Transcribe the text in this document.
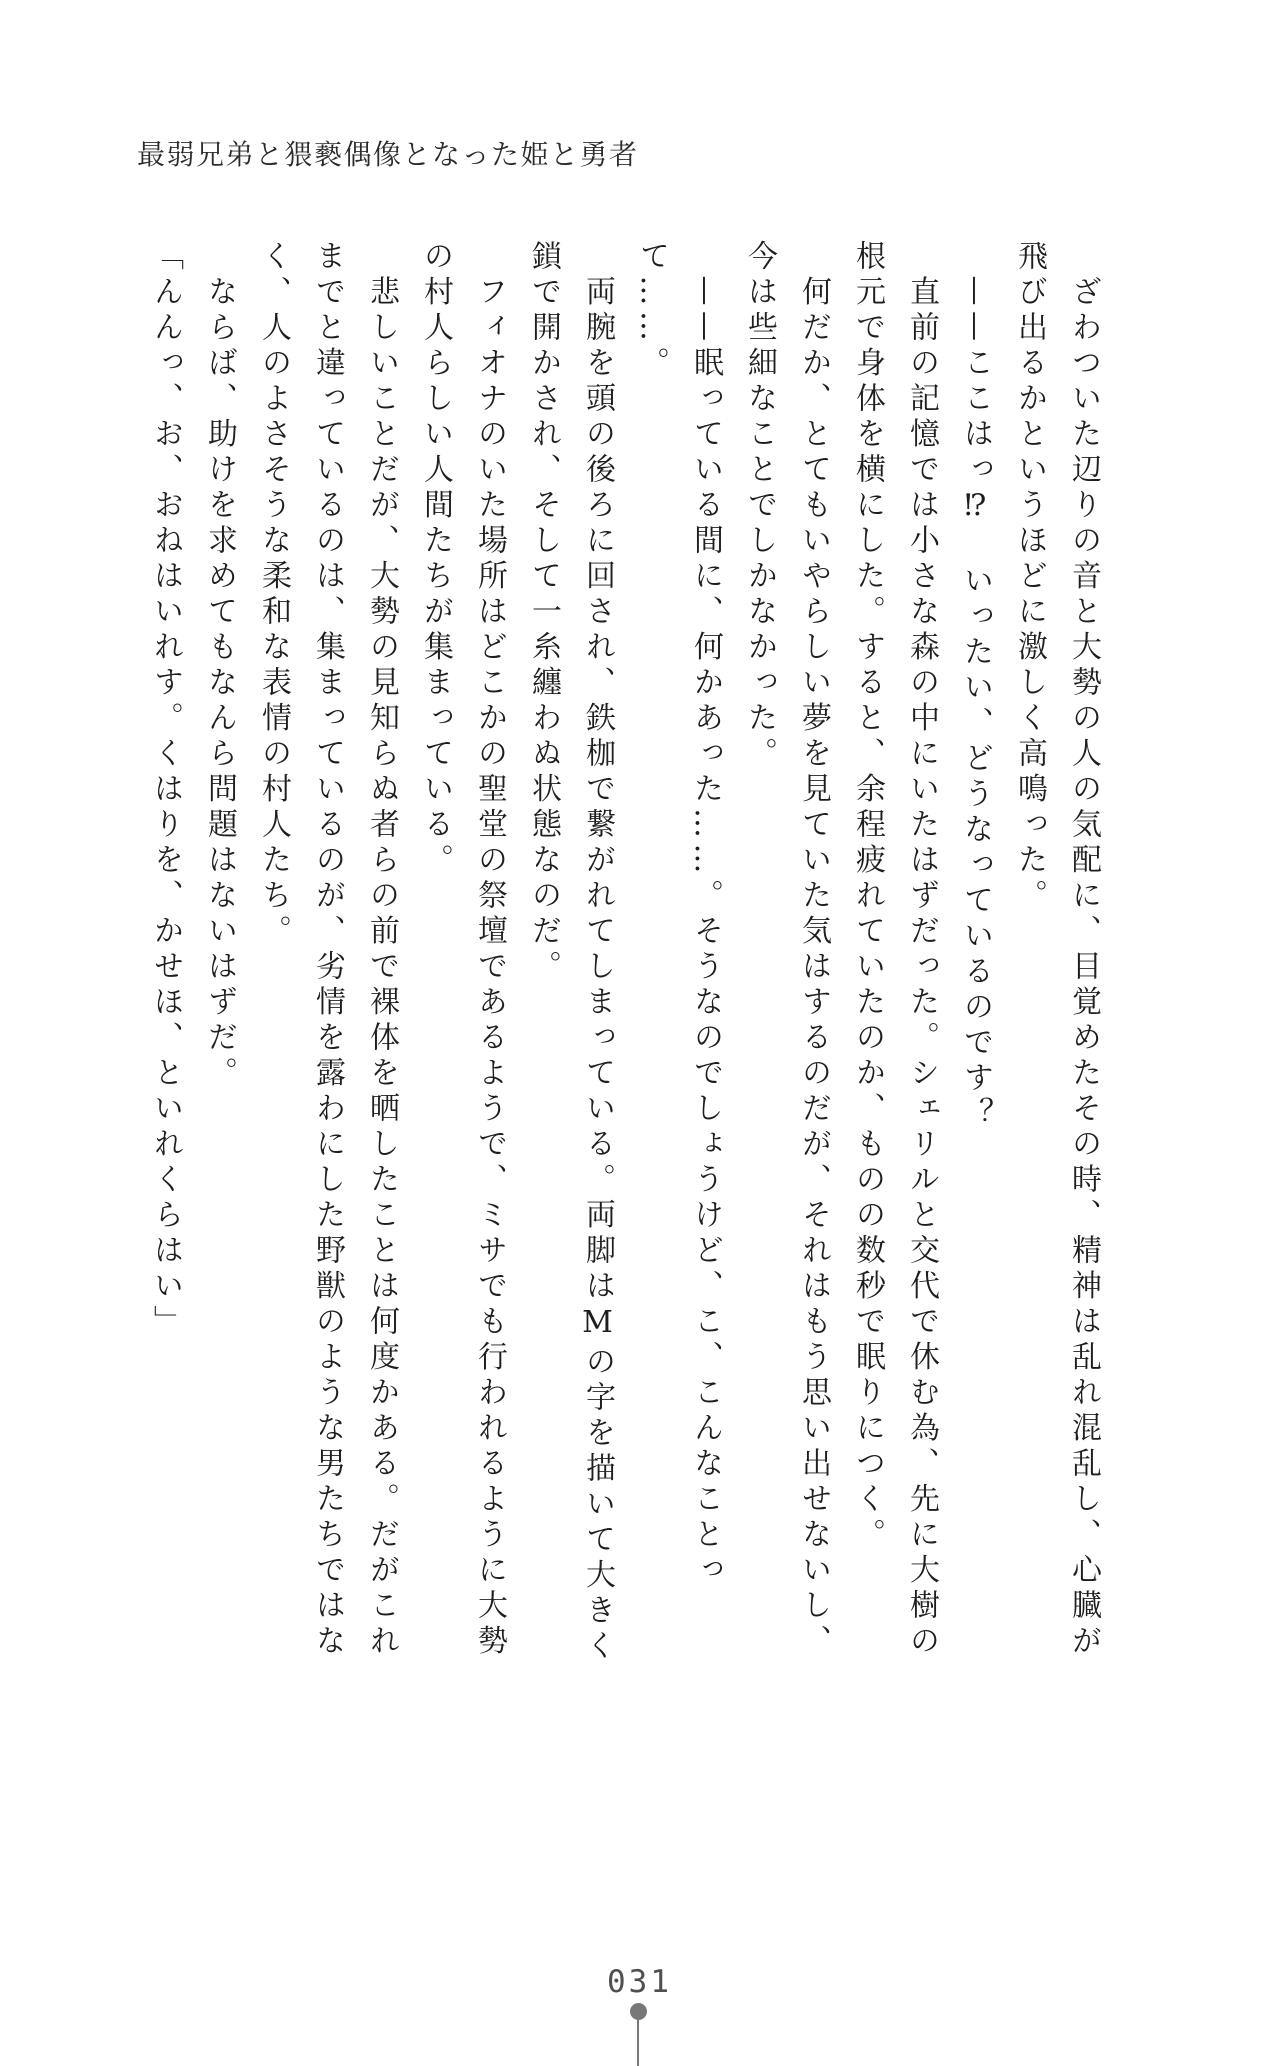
最弱兄弟と猥褻偶像となった姫と勇者

　ざわついた辺りの音と大勢の人の気配に、目覚めたその時、精神は乱れ混乱し、心臓が飛び出るかというほどに激しく高鳴った。

　——ここはっ⁉　いったい、どうなっているのです？

　直前の記憶では小さな森の中にいたはずだった。シェリルと交代で休む為、先に大樹の根元で身体を横にした。すると、余程疲れていたのか、ものの数秒で眠りにつく。

　何だか、とてもいやらしい夢を見ていた気はするのだが、それはもう思い出せないし、今は些細なことでしかなかった。

　——眠っている間に、何かあった……。そうなのでしょうけど、こ、こんなことって……。

　両腕を頭の後ろに回され、鉄枷で繋がれてしまっている。両脚はMの字を描いて大きく鎖で開かされ、そして一糸纏わぬ状態なのだ。

　フィオナのいた場所はどこかの聖堂の祭壇であるようで、ミサでも行われるように大勢の村人らしい人間たちが集まっている。

　悲しいことだが、大勢の見知らぬ者らの前で裸体を晒したことは何度かある。だがこれまでと違っているのは、集まっているのが、劣情を露わにした野獣のような男たちではなく、人のよさそうな柔和な表情の村人たち。

　ならば、助けを求めてもなんら問題はないはずだ。

「んんっ、お、おねはいれす。くはりを、かせほ、といれくらはい」

031
